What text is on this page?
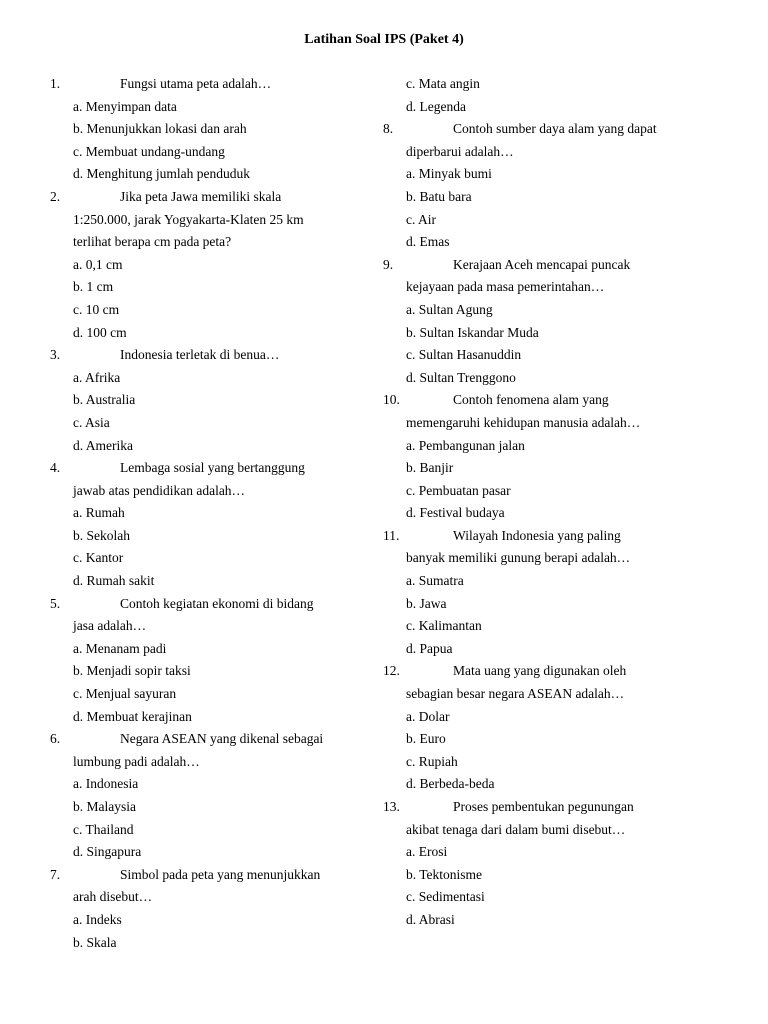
Latihan Soal IPS (Paket 4)
1.	Fungsi utama peta adalah…
a. Menyimpan data
b. Menunjukkan lokasi dan arah
c. Membuat undang-undang
d. Menghitung jumlah penduduk
2.	Jika peta Jawa memiliki skala
1:250.000, jarak Yogyakarta-Klaten 25 km
terlihat berapa cm pada peta?
a. 0,1 cm
b. 1 cm
c. 10 cm
d. 100 cm
3.	Indonesia terletak di benua…
a. Afrika
b. Australia
c. Asia
d. Amerika
4.	Lembaga sosial yang bertanggung
jawab atas pendidikan adalah…
a. Rumah
b. Sekolah
c. Kantor
d. Rumah sakit
5.	Contoh kegiatan ekonomi di bidang
jasa adalah…
a. Menanam padi
b. Menjadi sopir taksi
c. Menjual sayuran
d. Membuat kerajinan
6.	Negara ASEAN yang dikenal sebagai
lumbung padi adalah…
a. Indonesia
b. Malaysia
c. Thailand
d. Singapura
7.	Simbol pada peta yang menunjukkan
arah disebut…
a. Indeks
b. Skala
c. Mata angin
d. Legenda
8.	Contoh sumber daya alam yang dapat
diperbarui adalah…
a. Minyak bumi
b. Batu bara
c. Air
d. Emas
9.	Kerajaan Aceh mencapai puncak
kejayaan pada masa pemerintahan…
a. Sultan Agung
b. Sultan Iskandar Muda
c. Sultan Hasanuddin
d. Sultan Trenggono
10.	Contoh fenomena alam yang
memengaruhi kehidupan manusia adalah…
a. Pembangunan jalan
b. Banjir
c. Pembuatan pasar
d. Festival budaya
11.	Wilayah Indonesia yang paling
banyak memiliki gunung berapi adalah…
a. Sumatra
b. Jawa
c. Kalimantan
d. Papua
12.	Mata uang yang digunakan oleh
sebagian besar negara ASEAN adalah…
a. Dolar
b. Euro
c. Rupiah
d. Berbeda-beda
13.	Proses pembentukan pegunungan
akibat tenaga dari dalam bumi disebut…
a. Erosi
b. Tektonisme
c. Sedimentasi
d. Abrasi
